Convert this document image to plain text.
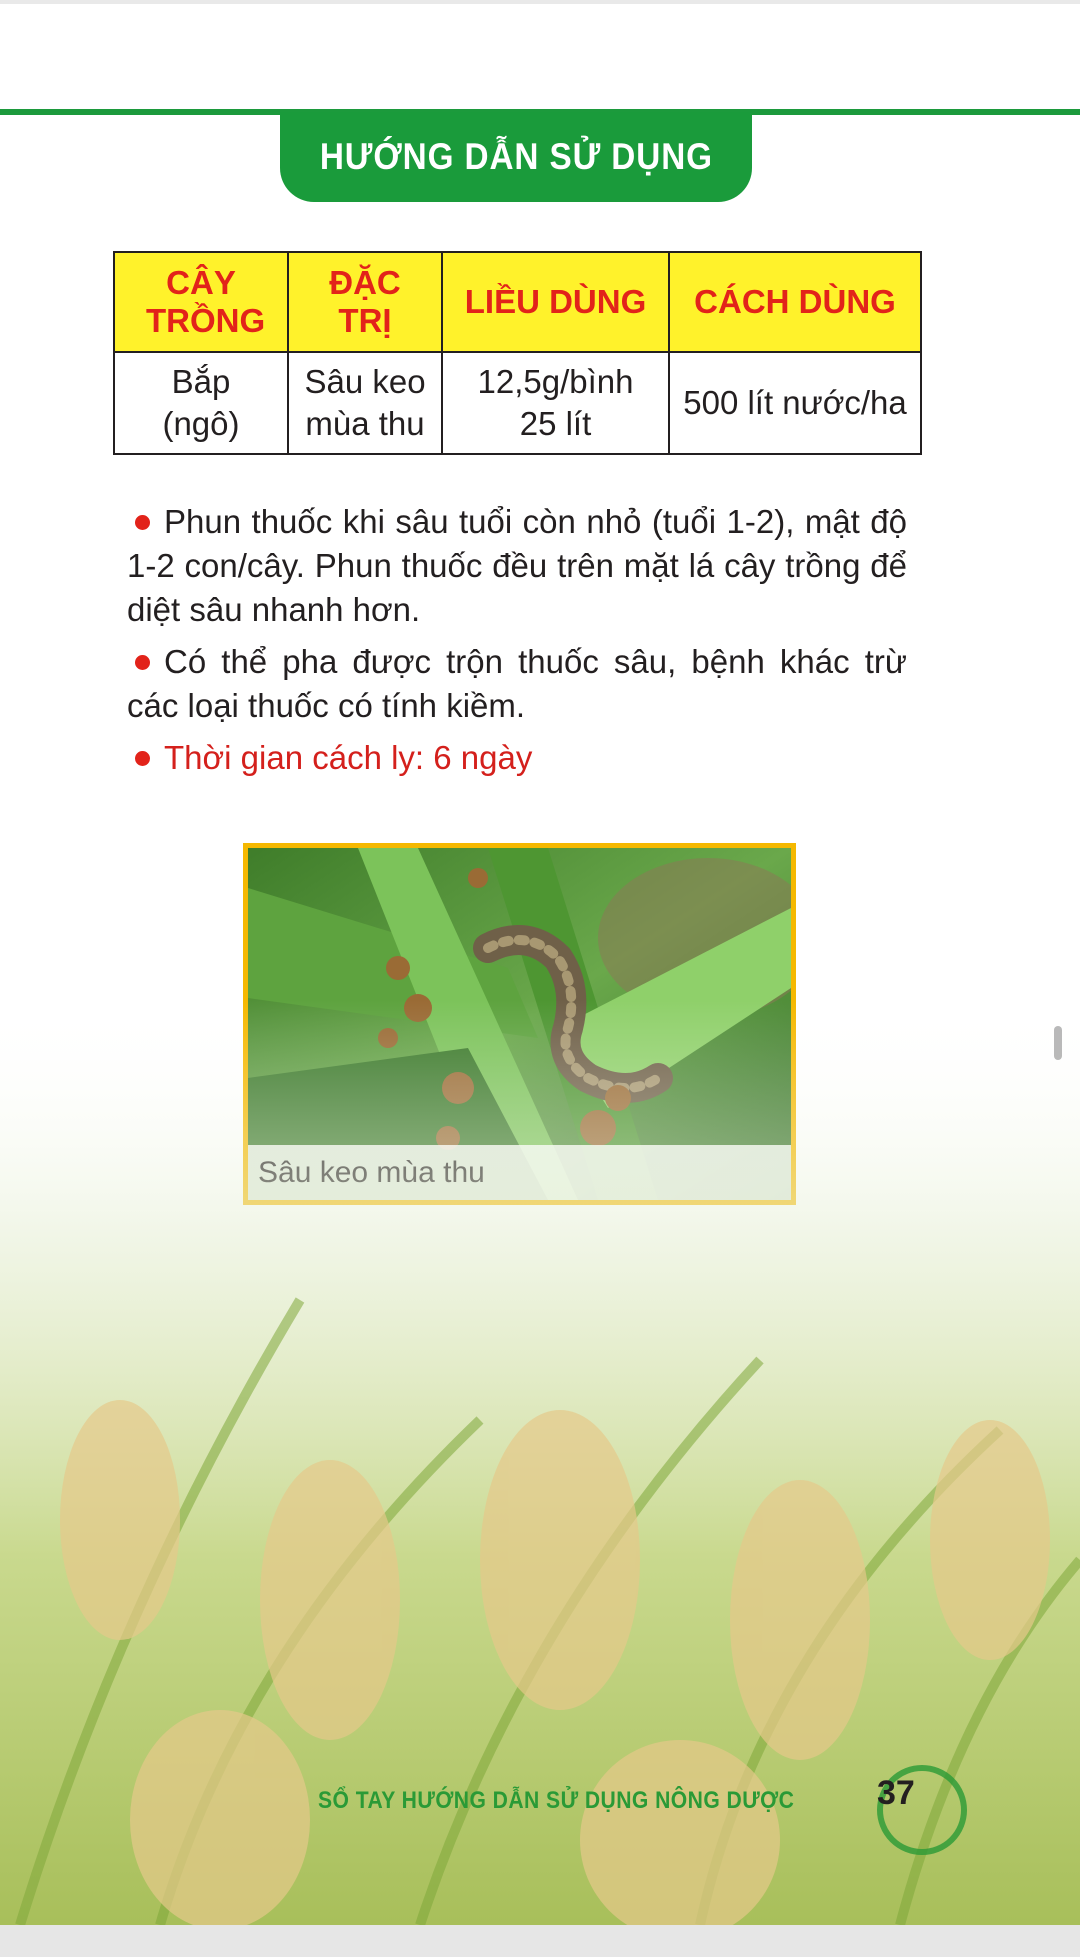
HƯỚNG DẪN SỬ DỤNG
CÂY TRỒNG	ĐẶC TRỊ	LIỀU DÙNG	CÁCH DÙNG
Bắp (ngô)	Sâu keo mùa thu	12,5g/bình 25 lít	500 lít nước/ha

Phun thuốc khi sâu tuổi còn nhỏ (tuổi 1-2), mật độ 1-2 con/cây. Phun thuốc đều trên mặt lá cây trồng để diệt sâu nhanh hơn.

Có thể pha được trộn thuốc sâu, bệnh khác trừ các loại thuốc có tính kiềm.

Thời gian cách ly: 6 ngày

SỔ TAY HƯỚNG DẪN SỬ DỤNG NÔNG DƯỢC 37
